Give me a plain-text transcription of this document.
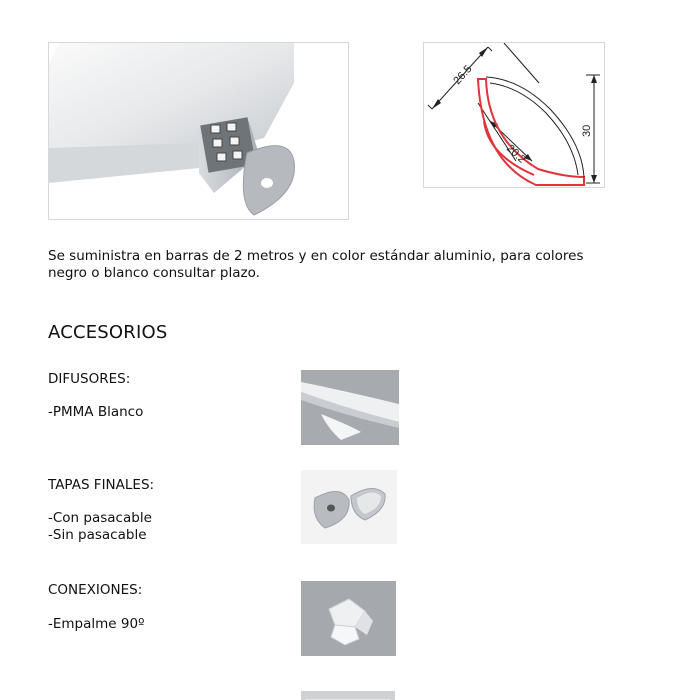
26.5
20.2
30
Se suministra en barras de 2 metros y en color estándar aluminio, para colores
negro o blanco consultar plazo.
ACCESORIOS
DIFUSORES:
-PMMA Blanco
TAPAS FINALES:
-Con pasacable
-Sin pasacable
CONEXIONES:
-Empalme 90º
